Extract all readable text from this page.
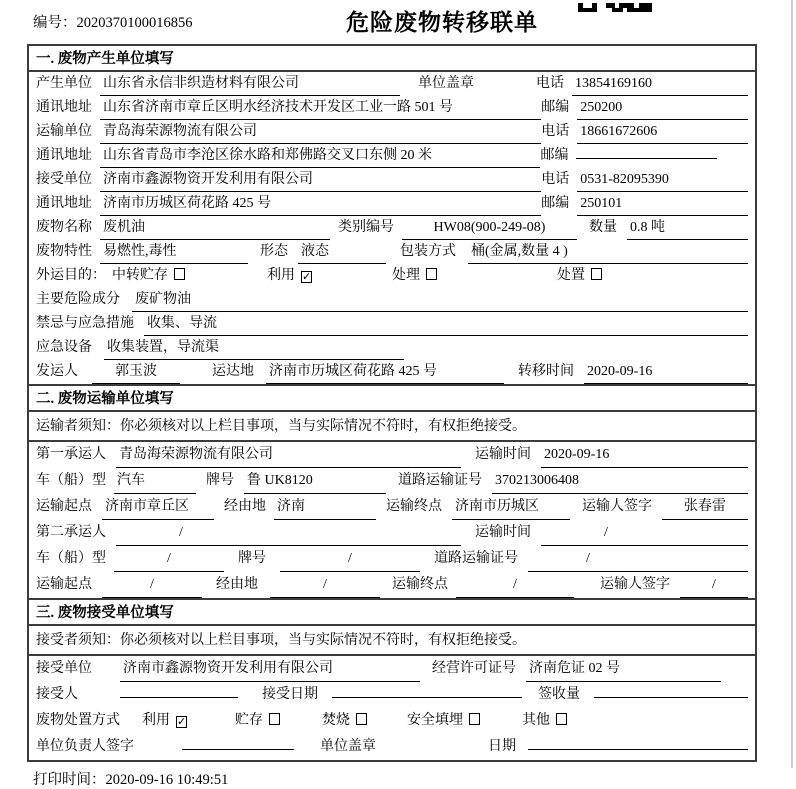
编号：2020370100016856	危险废物转移联单
一. 废物产生单位填写
产生单位 山东省永信非织造材料有限公司	单位盖章	电话 13854169160
通讯地址 山东省济南市章丘区明水经济技术开发区工业一路 501 号	邮编 250200
运输单位 青岛海荣源物流有限公司	电话 18661672606
通讯地址 山东省青岛市李沧区徐水路和郑佛路交叉口东侧 20 米	邮编
接受单位 济南市鑫源物资开发利用有限公司	电话 0531-82095390
通讯地址 济南市历城区荷花路 425 号	邮编 250101
废物名称 废机油	类别编号	HW08(900-249-08)	数量 0.8 吨
废物特性 易燃性,毒性	形态 液态	包装方式 桶(金属,数量 4 )
外运目的： 中转贮存	利用 ✓	处理	处置
主要危险成分 废矿物油
禁忌与应急措施 收集、导流
应急设备 收集装置，导流渠
发运人	郭玉波	运达地 济南市历城区荷花路 425 号	转移时间 2020-09-16
二. 废物运输单位填写
运输者须知：你必须核对以上栏目事项，当与实际情况不符时，有权拒绝接受。
第一承运人 青岛海荣源物流有限公司	运输时间 2020-09-16
车（船）型 汽车	牌号 鲁 UK8120	道路运输证号 370213006408
运输起点 济南市章丘区	经由地 济南	运输终点 济南市历城区	运输人签字	张春雷
第二承运人	/	运输时间	/
车（船）型	/	牌号	/	道路运输证号	/
运输起点	/	经由地	/	运输终点	/	运输人签字	/
三. 废物接受单位填写
接受者须知：你必须核对以上栏目事项，当与实际情况不符时，有权拒绝接受。
接受单位 济南市鑫源物资开发利用有限公司	经营许可证号 济南危证 02 号
接受人	接受日期	签收量
废物处置方式 利用 ✓	贮存	焚烧	安全填埋	其他
单位负责人签字	单位盖章	日期
打印时间：2020-09-16 10:49:51
